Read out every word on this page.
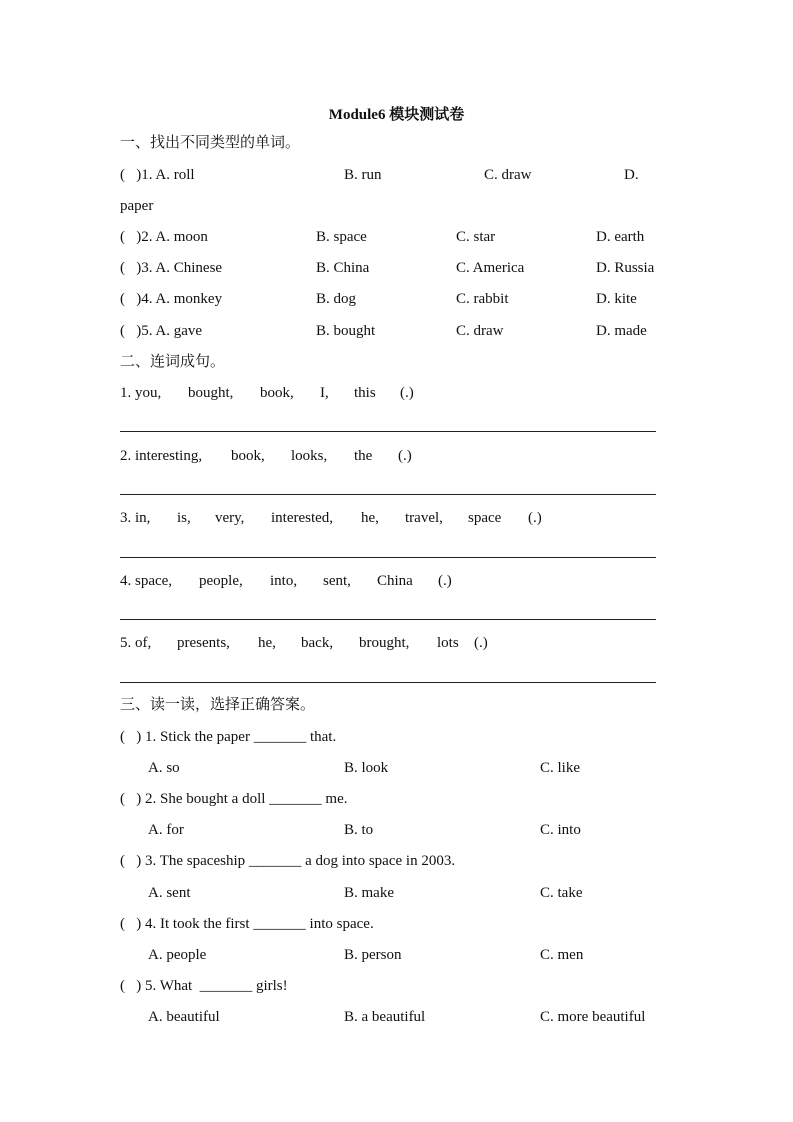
Module6 模块测试卷
一、找出不同类型的单词。
(   )1. A. roll	B. run	C. draw	D.
paper
(   )2. A. moon	B. space	C. star	D. earth
(   )3. A. Chinese	B. China	C. America	D. Russia
(   )4. A. monkey	B. dog	C. rabbit	D. kite
(   )5. A. gave	B. bought	C. draw	D. made
二、连词成句。
1. you, bought, book, I, this (.)
2. interesting, book, looks, the (.)
3. in, is, very, interested, he, travel, space (.)
4. space, people, into, sent, China (.)
5. of, presents, he, back, brought, lots (.)
三、读一读，选择正确答案。
(   ) 1. Stick the paper _______ that.
A. so	B. look	C. like
(   ) 2. She bought a doll _______ me.
A. for	B. to	C. into
(   ) 3. The spaceship _______ a dog into space in 2003.
A. sent	B. make	C. take
(   ) 4. It took the first _______ into space.
A. people	B. person	C. men
(   ) 5. What  _______ girls!
A. beautiful	B. a beautiful	C. more beautiful
